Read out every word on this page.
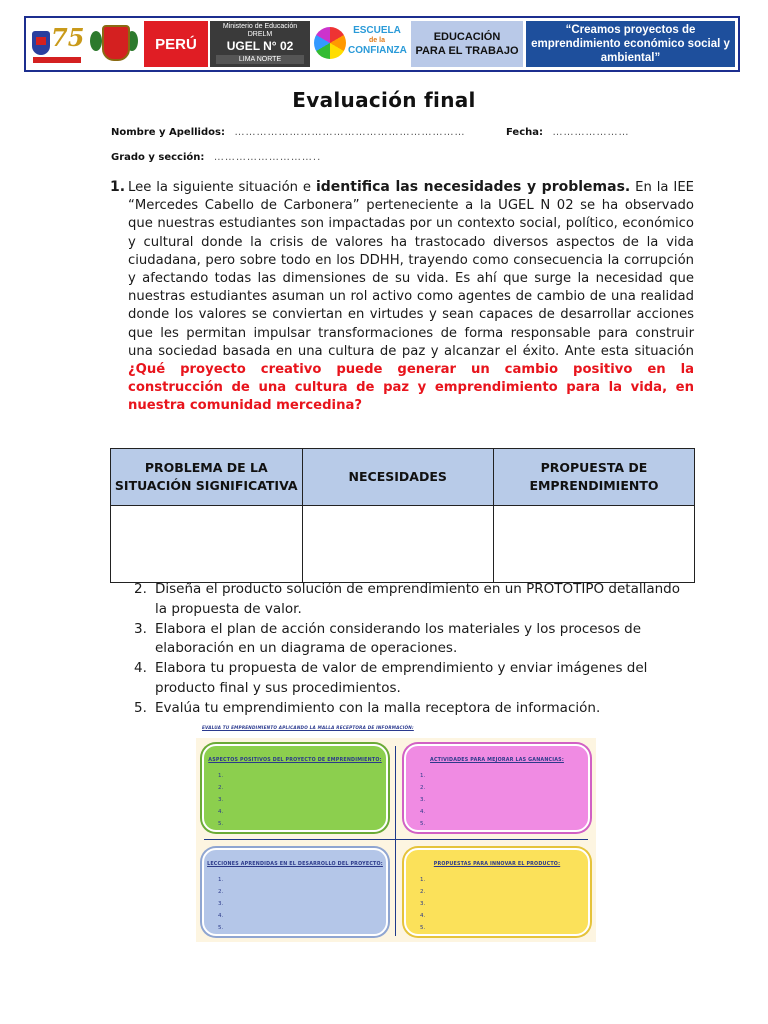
75	PERÚ
Ministerio de Educación
DRELM
UGEL N° 02
LIMA NORTE
ESCUELA
de la
CONFIANZA
EDUCACIÓN
PARA EL TRABAJO
“Creamos proyectos de emprendimiento económico social y ambiental”
Evaluación final
Nombre y Apellidos: ………………………………………………………	Fecha: …………………
Grado y sección: ………………………..
1. Lee la siguiente situación e identifica las necesidades y problemas. En la IEE “Mercedes Cabello de Carbonera” perteneciente a la UGEL N 02 se ha observado que nuestras estudiantes son impactadas por un contexto social, político, económico y cultural donde la crisis de valores ha trastocado diversos aspectos de la vida ciudadana, pero sobre todo en los DDHH, trayendo como consecuencia la corrupción y afectando todas las dimensiones de su vida. Es ahí que surge la necesidad que nuestras estudiantes asuman un rol activo como agentes de cambio de una realidad donde los valores se conviertan en virtudes y sean capaces de desarrollar acciones que les permitan impulsar transformaciones de forma responsable para construir una sociedad basada en una cultura de paz y alcanzar el éxito. Ante esta situación ¿Qué proyecto creativo puede generar un cambio positivo en la construcción de una cultura de paz y emprendimiento para la vida, en nuestra comunidad mercedina?
PROBLEMA DE LA SITUACIÓN SIGNIFICATIVA	NECESIDADES	PROPUESTA DE EMPRENDIMIENTO

2. Diseña el producto solución de emprendimiento en un PROTOTIPO detallando la propuesta de valor.
3. Elabora el plan de acción considerando los materiales y los procesos de elaboración en un diagrama de operaciones.
4. Elabora tu propuesta de valor de emprendimiento y enviar imágenes del producto final y sus procedimientos.
5. Evalúa tu emprendimiento con la malla receptora de información.
EVALUA TU EMPRENDIMIENTO APLICANDO LA MALLA RECEPTORA DE INFORMACIÓN:
ASPECTOS POSITIVOS DEL PROYECTO DE EMPRENDIMIENTO:
1.
2.
3.
4.
5.
ACTIVIDADES PARA MEJORAR LAS GANANCIAS:
1.
2.
3.
4.
5.
LECCIONES APRENDIDAS EN EL DESARROLLO DEL PROYECTO:
1.
2.
3.
4.
5.
PROPUESTAS PARA INNOVAR EL PRODUCTO:
1.
2.
3.
4.
5.
